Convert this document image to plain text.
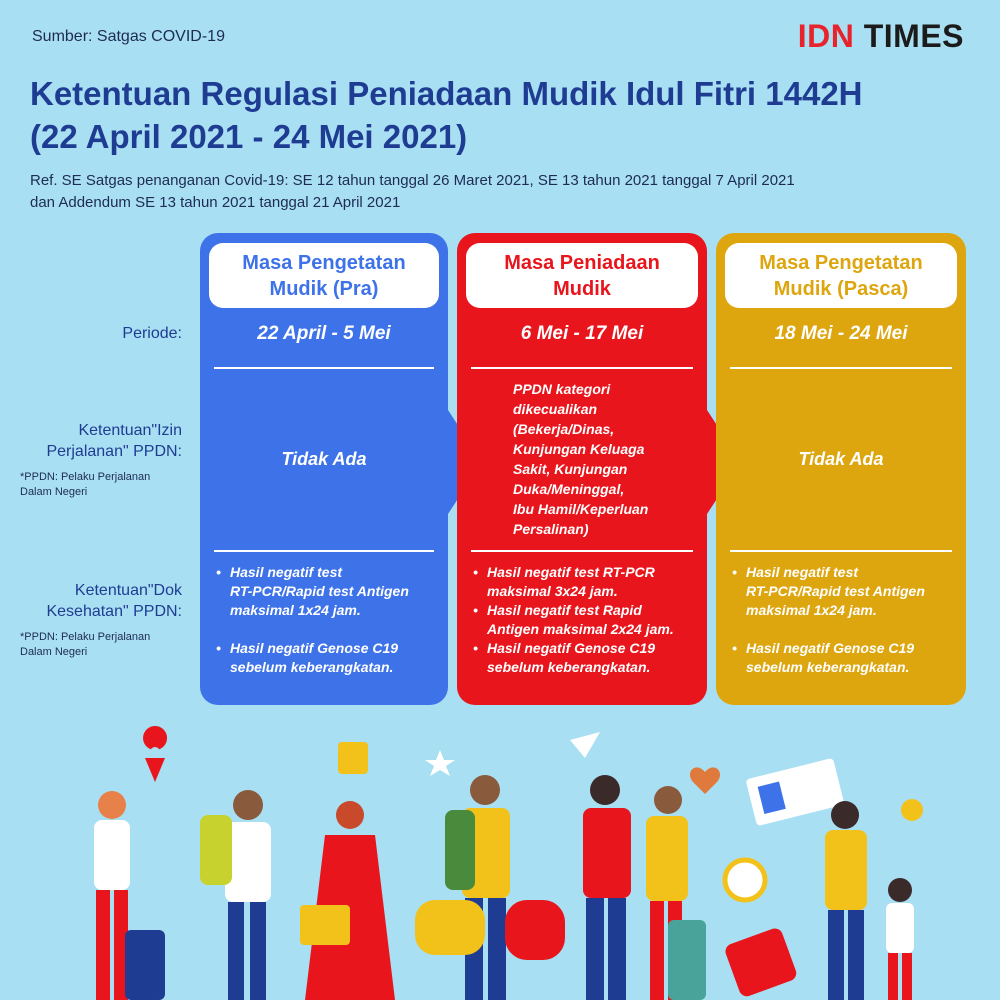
Sumber: Satgas COVID-19	IDN TIMES
Ketentuan Regulasi Peniadaan Mudik Idul Fitri 1442H
(22 April 2021 - 24 Mei 2021)
Ref. SE Satgas penanganan Covid-19: SE 12 tahun tanggal 26 Maret 2021, SE 13 tahun 2021 tanggal 7 April 2021
dan Addendum SE 13 tahun 2021 tanggal 21 April 2021
Periode:
Ketentuan"Izin
Perjalanan" PPDN:
*PPDN: Pelaku Perjalanan
Dalam Negeri
Ketentuan"Dok
Kesehatan" PPDN:
*PPDN: Pelaku Perjalanan
Dalam Negeri
Masa Pengetatan
Mudik (Pra)
22 April - 5 Mei
Tidak Ada
• Hasil negatif test
RT-PCR/Rapid test Antigen
maksimal 1x24 jam.
• Hasil negatif Genose C19
sebelum keberangkatan.
Masa Peniadaan
Mudik
6 Mei - 17 Mei
PPDN kategori
dikecualikan
(Bekerja/Dinas,
Kunjungan Keluaga
Sakit, Kunjungan
Duka/Meninggal,
Ibu Hamil/Keperluan
Persalinan)
• Hasil negatif test RT-PCR
maksimal 3x24 jam.
• Hasil negatif test Rapid
Antigen maksimal 2x24 jam.
• Hasil negatif Genose C19
sebelum keberangkatan.
Masa Pengetatan
Mudik (Pasca)
18 Mei - 24 Mei
Tidak Ada
• Hasil negatif test
RT-PCR/Rapid test Antigen
maksimal 1x24 jam.
• Hasil negatif Genose C19
sebelum keberangkatan.
